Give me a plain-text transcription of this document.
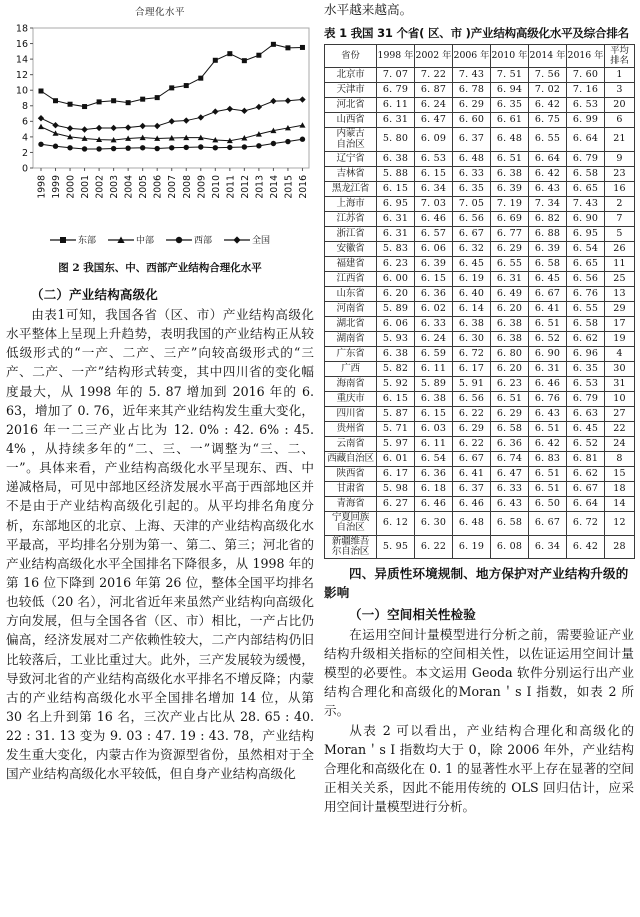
合理化水平
0
2
4
6
8
10
12
14
16
18
1998 1999 2000 2001 2002 2003 2004 2005 2006 2007 2008 2009 2010 2011 2012 2013 2014 2015 2016
东部	中部	西部	全国
图 2 我国东、中、西部产业结构合理化水平
（二）产业结构高级化

由表1可知，我国各省（区、市）产业结构高级化水平整体上呈现上升趋势，表明我国的产业结构正从较低级形式的“一产、二产、三产”向较高级形式的“三产、二产、一产”结构形式转变，其中四川省的变化幅度最大，从 1998 年的 5. 87 增加到 2016 年的 6. 63，增加了 0. 76，近年来其产业结构发生重大变化，2016 年一二三产业占比为 12. 0% : 42. 6% : 45. 4% ，从持续多年的“二、三、一”调整为“三、二、一”。具体来看，产业结构高级化水平呈现东、西、中递减格局，可见中部地区经济发展水平高于西部地区并不是由于产业结构高级化引起的。从平均排名角度分析，东部地区的北京、上海、天津的产业结构高级化水平最高，平均排名分别为第一、第二、第三；河北省的产业结构高级化水平全国排名下降很多，从 1998 年的第 16 位下降到 2016 年第 26 位，整体全国平均排名也较低（20 名），河北省近年来虽然产业结构向高级化方向发展，但与全国各省（区、市）相比，一产占比仍偏高，经济发展对二产依赖性较大，二产内部结构仍旧比较落后，工业比重过大。此外，三产发展较为缓慢，导致河北省的产业结构高级化水平排名不增反降；内蒙古的产业结构高级化水平全国排名增加 14 位，从第 30 名上升到第 16 名，三次产业占比从 28. 65 : 40. 22 : 31. 13 变为 9. 03 : 47. 19 : 43. 78，产业结构发生重大变化，内蒙古作为资源型省份，虽然相对于全国产业结构高级化水平较低，但自身产业结构高级化

水平越来越高。

表 1 我国 31 个省( 区、市 )产业结构高级化水平及综合排名
省份	1998 年	2002 年	2006 年	2010 年	2014 年	2016 年	平均
排名
北京市	7. 07	7. 22	7. 43	7. 51	7. 56	7. 60	1
天津市	6. 79	6. 87	6. 78	6. 94	7. 02	7. 16	3
河北省	6. 11	6. 24	6. 29	6. 35	6. 42	6. 53	20
山西省	6. 31	6. 47	6. 60	6. 61	6. 75	6. 99	6
内蒙古
自治区	5. 80	6. 09	6. 37	6. 48	6. 55	6. 64	21
辽宁省	6. 38	6. 53	6. 48	6. 51	6. 64	6. 79	9
吉林省	5. 88	6. 15	6. 33	6. 38	6. 42	6. 58	23
黑龙江省	6. 15	6. 34	6. 35	6. 39	6. 43	6. 65	16
上海市	6. 95	7. 03	7. 05	7. 19	7. 34	7. 43	2
江苏省	6. 31	6. 46	6. 56	6. 69	6. 82	6. 90	7
浙江省	6. 31	6. 57	6. 67	6. 77	6. 88	6. 95	5
安徽省	5. 83	6. 06	6. 32	6. 29	6. 39	6. 54	26
福建省	6. 23	6. 39	6. 45	6. 55	6. 58	6. 65	11
江西省	6. 00	6. 15	6. 19	6. 31	6. 45	6. 56	25
山东省	6. 20	6. 36	6. 40	6. 49	6. 67	6. 76	13
河南省	5. 89	6. 02	6. 14	6. 20	6. 41	6. 55	29
湖北省	6. 06	6. 33	6. 38	6. 38	6. 51	6. 58	17
湖南省	5. 93	6. 24	6. 30	6. 38	6. 52	6. 62	19
广东省	6. 38	6. 59	6. 72	6. 80	6. 90	6. 96	4
广西	5. 82	6. 11	6. 17	6. 20	6. 31	6. 35	30
海南省	5. 92	5. 89	5. 91	6. 23	6. 46	6. 53	31
重庆市	6. 15	6. 38	6. 56	6. 51	6. 76	6. 79	10
四川省	5. 87	6. 15	6. 22	6. 29	6. 43	6. 63	27
贵州省	5. 71	6. 03	6. 29	6. 58	6. 51	6. 45	22
云南省	5. 97	6. 11	6. 22	6. 36	6. 42	6. 52	24
西藏自治区	6. 01	6. 54	6. 67	6. 74	6. 83	6. 81	8
陕西省	6. 17	6. 36	6. 41	6. 47	6. 51	6. 62	15
甘肃省	5. 98	6. 18	6. 37	6. 33	6. 51	6. 67	18
青海省	6. 27	6. 46	6. 46	6. 43	6. 50	6. 64	14
宁夏回族
自治区	6. 12	6. 30	6. 48	6. 58	6. 67	6. 72	12
新疆维吾
尔自治区	5. 95	6. 22	6. 19	6. 08	6. 34	6. 42	28
四、异质性环境规制、地方保护对产业结构升级的影响
（一）空间相关性检验

在运用空间计量模型进行分析之前，需要验证产业结构升级相关指标的空间相关性，以佐证运用空间计量模型的必要性。本文运用 Geoda 软件分别运行出产业结构合理化和高级化的Moran＇s I 指数，如表 2 所示。

从表 2 可以看出，产业结构合理化和高级化的Moran＇s I 指数均大于 0，除 2006 年外，产业结构合理化和高级化在 0. 1 的显著性水平上存在显著的空间正相关关系，因此不能用传统的 OLS 回归估计，应采用空间计量模型进行分析。
